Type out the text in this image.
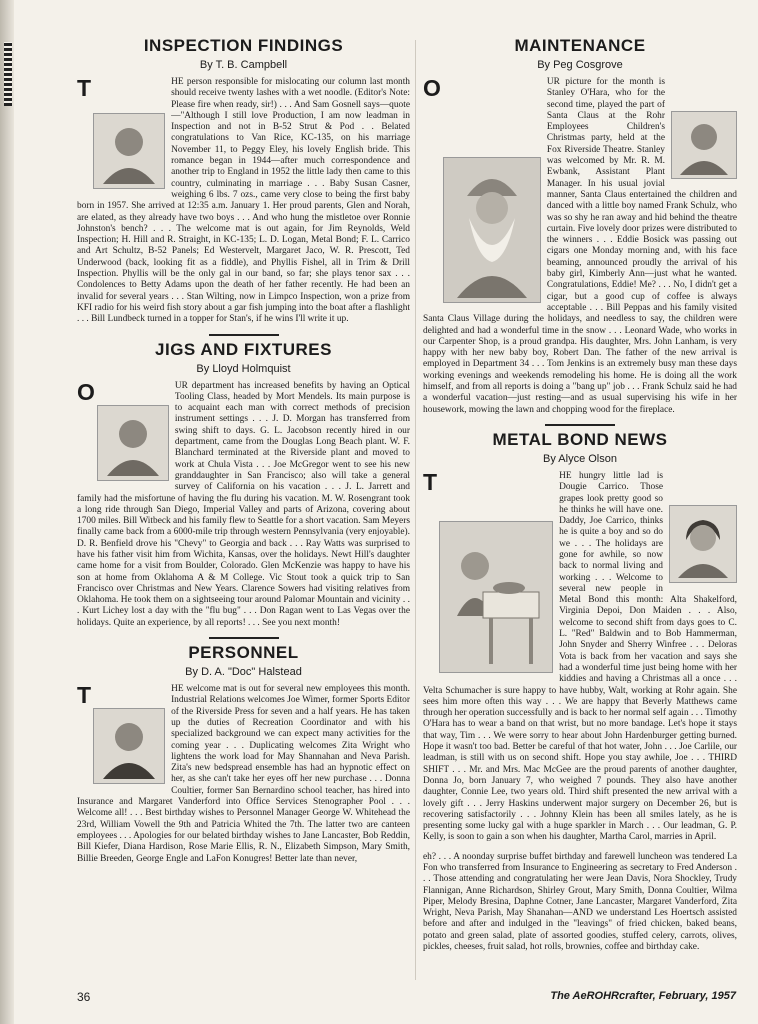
INSPECTION FINDINGS
By T. B. Campbell

T	HE person responsible for mislocating our column last month should receive twenty lashes with a wet noodle. (Editor's Note: Please fire when ready, sir!) . . . And Sam Gosnell says—quote—"Although I still love Production, I am now leadman in Inspection and not in B-52 Strut & Pod . . Belated congratulations to Van Rice, KC-135, on his marriage November 11, to Peggy Eley, his lovely English bride. This romance began in 1944—after much correspondence and another trip to England in 1952 the little lady then came to this country, culminating in marriage . . . Baby Susan Casner, weighing 6 lbs. 7 ozs., came very close to being the first baby born in 1957. She arrived at 12:35 a.m. January 1. Her proud parents, Glen and Norah, are elated, as they already have two boys . . . And who hung the mistletoe over Ronnie Johnston's bench? . . . The welcome mat is out again, for Jim Reynolds, Weld Inspection; H. Hill and R. Straight, in KC-135; L. D. Logan, Metal Bond; F. L. Carrico and Art Schultz, B-52 Panels; Ed Westervelt, Margaret Jaco, W. R. Prescott, Ted Underwood (back, looking fit as a fiddle), and Phyllis Fishel, all in Trim & Drill Inspection. Phyllis will be the only gal in our band, so far; she plays tenor sax . . . Condolences to Betty Adams upon the death of her father recently. He had been an invalid for several years . . . Stan Wilting, now in Limpco Inspection, won a prize from KFI radio for his weird fish story about a gar fish jumping into the boat after a flashlight . . . Bill Lundbeck turned in a topper for Stan's, if he wins I'll write it up.

JIGS AND FIXTURES
By Lloyd Holmquist

O	UR department has increased benefits by having an Optical Tooling Class, headed by Mort Mendels. Its main purpose is to acquaint each man with correct methods of precision instrument settings . . . J. D. Morgan has transferred from swing shift to days. G. L. Jacobson recently hired in our department, came from the Douglas Long Beach plant. W. F. Blanchard terminated at the Riverside plant and moved to work at Chula Vista . . . Joe McGregor went to see his new granddaughter in San Francisco; also will take a general survey of California on his vacation . . . J. L. Jarrett and family had the misfortune of having the flu during his vacation. M. W. Rosengrant took a long ride through San Diego, Imperial Valley and parts of Arizona, covering about 1700 miles. Bill Witbeck and his family flew to Seattle for a short vacation. Sam Meyers finally came back from a 6000-mile trip through western Pennsylvania (very enjoyable). D. R. Benfield drove his "Chevy" to Georgia and back . . . Ray Watts was surprised to have his father visit him from Wichita, Kansas, over the holidays. Newt Hill's daughter came home for a visit from Boulder, Colorado. Glen McKenzie was happy to have his son at home from Oklahoma A & M College. Vic Stout took a quick trip to San Francisco over Christmas and New Years. Clarence Sowers had visiting relatives from Oklahoma. He took them on a sightseeing tour around Palomar Mountain and vicinity . . . Kurt Lichey lost a day with the "flu bug" . . . Don Ragan went to Las Vegas over the holidays. Quite an experience, by all reports! . . . See you next month!

PERSONNEL
By D. A. "Doc" Halstead

T	HE welcome mat is out for several new employees this month. Industrial Relations welcomes Joe Wimer, former Sports Editor of the Riverside Press for seven and a half years. He has taken up the duties of Recreation Coordinator and with his specialized background we can expect many activities for the coming year . . . Duplicating welcomes Zita Wright who lightens the work load for May Shannahan and Neva Parish. Zita's new bedspread ensemble has had an hypnotic effect on her, as she can't take her eyes off her new purchase . . . Donna Coultier, former San Bernardino school teacher, has hired into Insurance and Margaret Vanderford into Office Services Stenographer Pool . . . Welcome all! . . . Best birthday wishes to Personnel Manager George W. Whitehead the 23rd, William Vowell the 9th and Patricia Whited the 7th. The latter two are canteen employees . . . Apologies for our belated birthday wishes to Jane Lancaster, Bob Reddin, Bill Kiefer, Diana Hardison, Rose Marie Ellis, R. N., Elizabeth Simpson, Mary Smith, Billie Breeden, George Engle and LaFon Konugres! Better late than never,

MAINTENANCE
By Peg Cosgrove

O	UR picture for the month is Stanley O'Hara, who for the second time, played the part of Santa Claus at the Rohr Employees Children's Christmas party, held at the Fox Riverside Theatre. Stanley was welcomed by Mr. R. M. Ewbank, Assistant Plant Manager. In his usual jovial manner, Santa Claus entertained the children and danced with a little boy named Frank Schulz, who was so shy he ran away and hid behind the theatre curtain. Five lovely door prizes were distributed to the winners . . . Eddie Bosick was passing out cigars one Monday morning and, with his face beaming, announced proudly the arrival of his baby girl, Kimberly Ann—just what he wanted. Congratulations, Eddie! Me? . . . No, I didn't get a cigar, but a good cup of coffee is always acceptable . . . Bill Peppas and his family visited Santa Claus Village during the holidays, and needless to say, the children were delighted and had a wonderful time in the snow . . . Leonard Wade, who works in our Carpenter Shop, is a proud grandpa. His daughter, Mrs. John Lanham, is very happy with her new baby boy, Robert Dan. The father of the new arrival is employed in Department 34 . . . Tom Jenkins is an extremely busy man these days working evenings and weekends remodeling his home. He is doing all the work himself, and from all reports is doing a "bang up" job . . . Frank Schulz said he had a wonderful vacation—just resting—and as usual supervising his wife in her housework, mowing the lawn and chopping wood for the fireplace.

METAL BOND NEWS
By Alyce Olson

T	HE hungry little lad is Dougie Carrico. Those grapes look pretty good so he thinks he will have one. Daddy, Joe Carrico, thinks he is quite a boy and so do we . . . The holidays are gone for awhile, so now back to normal living and working . . . Welcome to several new people in Metal Bond this month: Alta Shakelford, Virginia Depoi, Don Maiden . . . Also, welcome to second shift from days goes to C. L. "Red" Baldwin and to Bob Hammerman, John Snyder and Sherry Winfree . . . Deloras Vota is back from her vacation and says she had a wonderful time just being home with her kiddies and having a Christmas all a once . . . Velta Schumacher is sure happy to have hubby, Walt, working at Rohr again. She sees him more often this way . . . We are happy that Beverly Matthews came through her operation successfully and is back to her normal self again . . . Timothy O'Hara has to wear a band on that wrist, but no more bandage. Let's hope it stays that way, Tim . . . We were sorry to hear about John Hardenburger getting burned. Hope it wasn't too bad. Better be careful of that hot water, John . . . Joe Carlile, our leadman, is still with us on second shift. Hope you stay awhile, Joe . . . THIRD SHIFT . . . Mr. and Mrs. Mac McGee are the proud parents of another daughter, Donna Jo, born January 7, who weighed 7 pounds. They also have another daughter, Connie Lee, two years old. Third shift presented the new arrival with a lovely gift . . . Jerry Haskins underwent major surgery on December 26, but is recovering satisfactorily . . . Johnny Klein has been all smiles lately, as he is presenting some lucky gal with a huge sparkler in March . . . Our leadman, G. P. Kelly, is soon to gain a son when his daughter, Martha Carol, marries in April.

eh? . . . A noonday surprise buffet birthday and farewell luncheon was tendered La Fon who transferred from Insurance to Engineering as secretary to Fred Anderson . . . Those attending and congratulating her were Jean Davis, Nora Shockley, Trudy Flannigan, Anne Richardson, Shirley Grout, Mary Smith, Donna Coultier, Wilma Piper, Melody Bresina, Daphne Cotner, Jane Lancaster, Margaret Vanderford, Zita Wright, Neva Parish, May Shanahan—AND we understand Les Hoertsch assisted before and after and indulged in the "leavings" of fried chicken, baked beans, potato and green salad, plate of assorted goodies, stuffed celery, carrots, olives, pickles, cheeses, fruit salad, hot rolls, brownies, coffee and birthday cake.

36	The AeROHRcrafter, February, 1957
